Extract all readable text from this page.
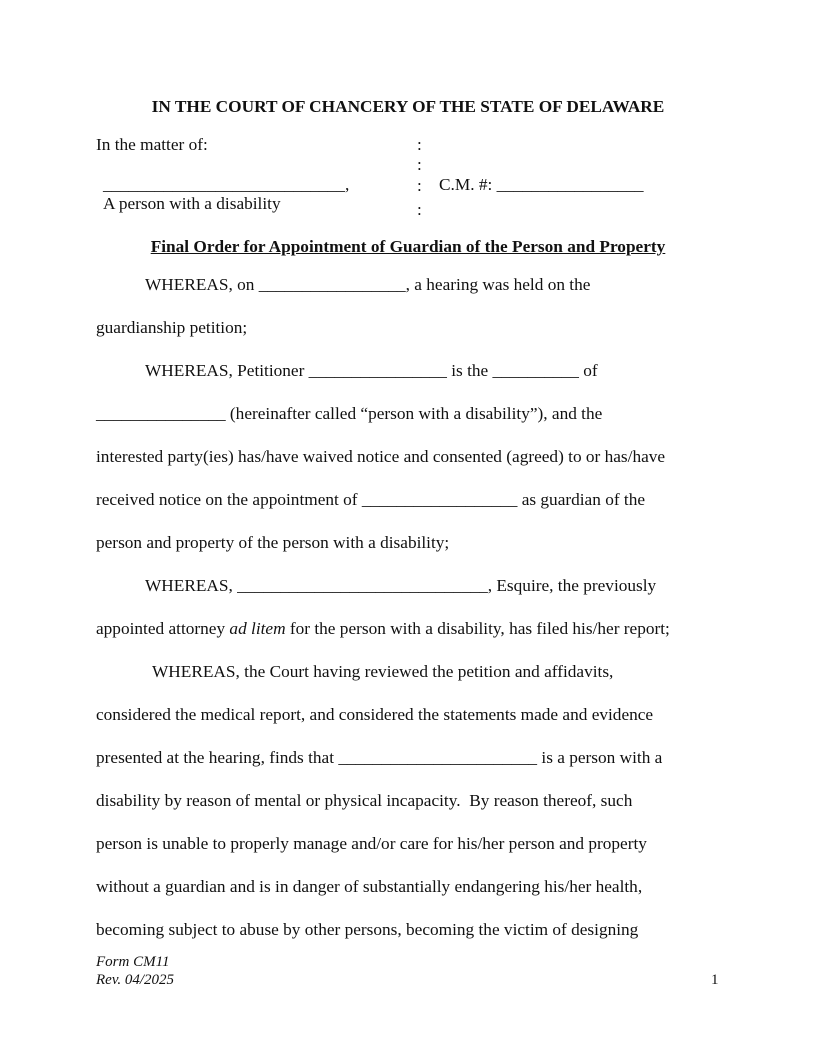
IN THE COURT OF CHANCERY OF THE STATE OF DELAWARE
In the matter of:
____________________________,
A person with a disability
:
:
:
:
C.M. #: _________________
Final Order for Appointment of Guardian of the Person and Property
WHEREAS, on _________________, a hearing was held on the
guardianship petition;
WHEREAS, Petitioner ________________ is the __________ of
_______________ (hereinafter called “person with a disability”), and the
interested party(ies) has/have waived notice and consented (agreed) to or has/have
received notice on the appointment of __________________ as guardian of the
person and property of the person with a disability;
WHEREAS, _____________________________, Esquire, the previously
appointed attorney ad litem for the person with a disability, has filed his/her report;
WHEREAS, the Court having reviewed the petition and affidavits,
considered the medical report, and considered the statements made and evidence
presented at the hearing, finds that _______________________ is a person with a
disability by reason of mental or physical incapacity.  By reason thereof, such
person is unable to properly manage and/or care for his/her person and property
without a guardian and is in danger of substantially endangering his/her health,
becoming subject to abuse by other persons, becoming the victim of designing
Form CM11
Rev. 04/2025	1
